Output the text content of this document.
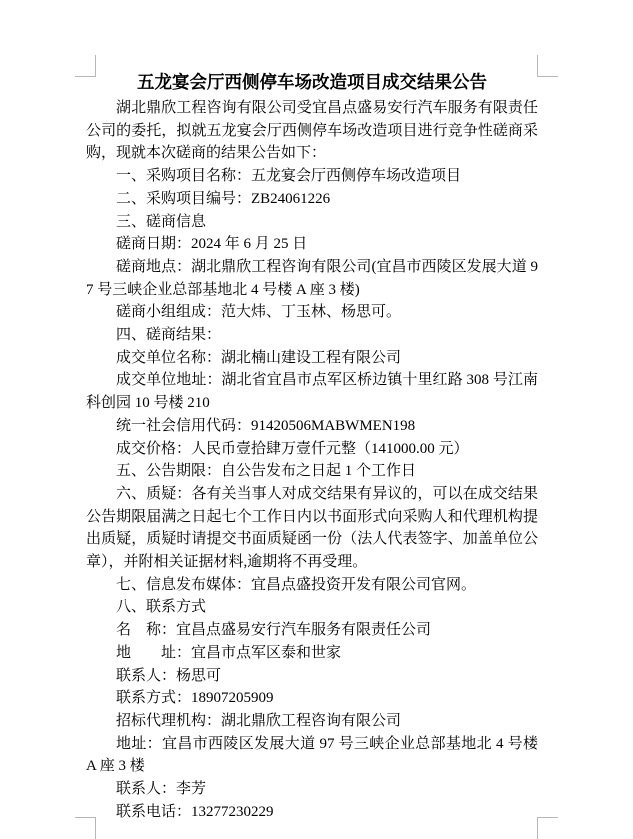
五龙宴会厅西侧停车场改造项目成交结果公告

湖北鼎欣工程咨询有限公司受宜昌点盛易安行汽车服务有限责任公司的委托，拟就五龙宴会厅西侧停车场改造项目进行竞争性磋商采购，现就本次磋商的结果公告如下：

一、采购项目名称：五龙宴会厅西侧停车场改造项目

二、采购项目编号：ZB24061226

三、磋商信息

磋商日期：2024 年 6 月 25 日

磋商地点：湖北鼎欣工程咨询有限公司(宜昌市西陵区发展大道 97 号三峡企业总部基地北 4 号楼 A 座 3 楼)

磋商小组组成：范大炜、丁玉林、杨思可。

四、磋商结果：

成交单位名称：湖北楠山建设工程有限公司

成交单位地址：湖北省宜昌市点军区桥边镇十里红路 308 号江南科创园 10 号楼 210

统一社会信用代码：91420506MABWMEN198

成交价格：人民币壹拾肆万壹仟元整（141000.00 元）

五、公告期限：自公告发布之日起 1 个工作日

六、质疑：各有关当事人对成交结果有异议的，可以在成交结果公告期限届满之日起七个工作日内以书面形式向采购人和代理机构提出质疑，质疑时请提交书面质疑函一份（法人代表签字、加盖单位公章），并附相关证据材料,逾期将不再受理。

七、信息发布媒体：宜昌点盛投资开发有限公司官网。

八、联系方式

名　称：宜昌点盛易安行汽车服务有限责任公司

地　　址：宜昌市点军区泰和世家

联系人：杨思可

联系方式：18907205909

招标代理机构：湖北鼎欣工程咨询有限公司

地址：宜昌市西陵区发展大道 97 号三峡企业总部基地北 4 号楼 A 座 3 楼

联系人：李芳

联系电话：13277230229
